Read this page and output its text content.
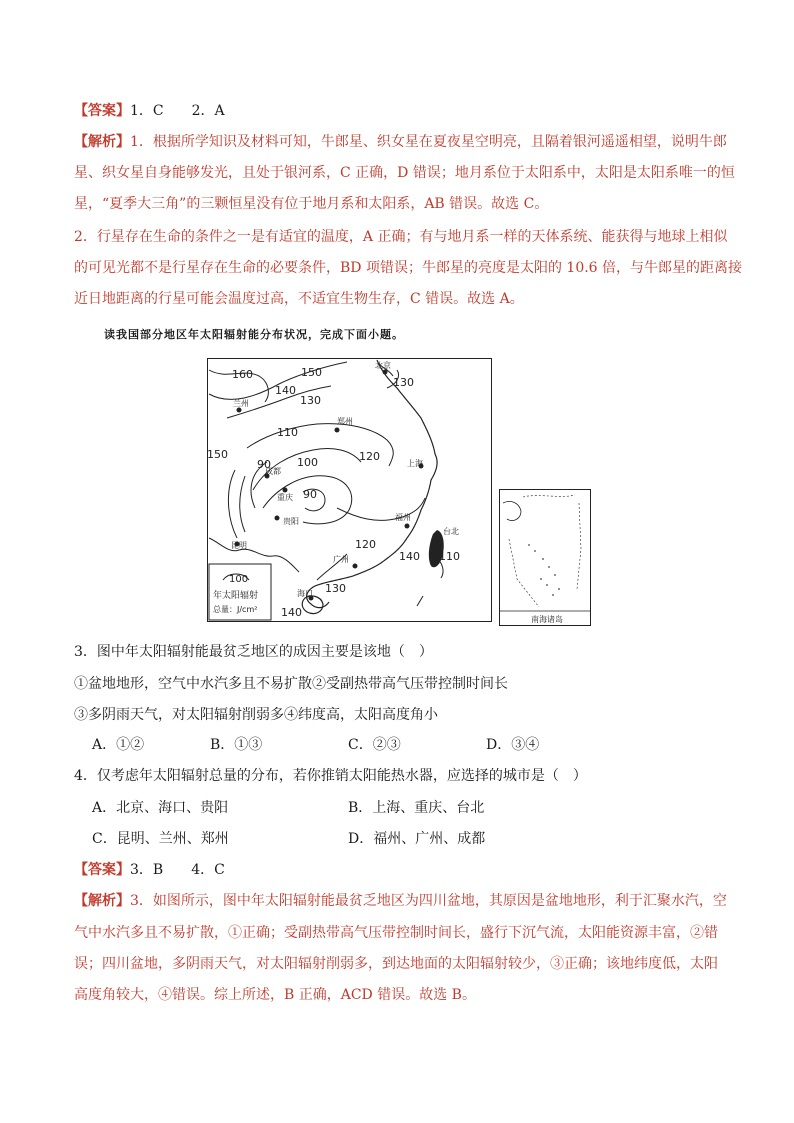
【答案】1．C　　2．A
【解析】1．根据所学知识及材料可知，牛郎星、织女星在夏夜星空明亮，且隔着银河遥遥相望，说明牛郎
星、织女星自身能够发光，且处于银河系，C 正确，D 错误；地月系位于太阳系中，太阳是太阳系唯一的恒
星，“夏季大三角”的三颗恒星没有位于地月系和太阳系，AB 错误。故选 C。
2．行星存在生命的条件之一是有适宜的温度，A 正确；有与地月系一样的天体系统、能获得与地球上相似
的可见光都不是行星存在生命的必要条件，BD 项错误；牛郎星的亮度是太阳的 10.6 倍，与牛郎星的距离接
近日地距离的行星可能会温度过高，不适宜生物生存，C 错误。故选 A。
读我国部分地区年太阳辐射能分布状况，完成下面小题。
160	150
140
130
110
100
90
90
120
150
120
130
140 110
130
140
北京
兰州
郑州
成都
重庆
贵阳
上海
福州
台北
广州
昆明
海口
100
年太阳辐射
总量：J/cm²
南海诸岛
3．图中年太阳辐射能最贫乏地区的成因主要是该地（　）
①盆地地形，空气中水汽多且不易扩散②受副热带高气压带控制时间长
③多阴雨天气，对太阳辐射削弱多④纬度高，太阳高度角小
A．①②	B．①③	C．②③	D．③④
4．仅考虑年太阳辐射总量的分布，若你推销太阳能热水器，应选择的城市是（　）
A．北京、海口、贵阳	B．上海、重庆、台北
C．昆明、兰州、郑州	D．福州、广州、成都
【答案】3．B　　4．C
【解析】3．如图所示，图中年太阳辐射能最贫乏地区为四川盆地，其原因是盆地地形，利于汇聚水汽，空
气中水汽多且不易扩散，①正确；受副热带高气压带控制时间长，盛行下沉气流，太阳能资源丰富，②错
误；四川盆地，多阴雨天气，对太阳辐射削弱多，到达地面的太阳辐射较少，③正确；该地纬度低，太阳
高度角较大，④错误。综上所述，B 正确，ACD 错误。故选 B。
